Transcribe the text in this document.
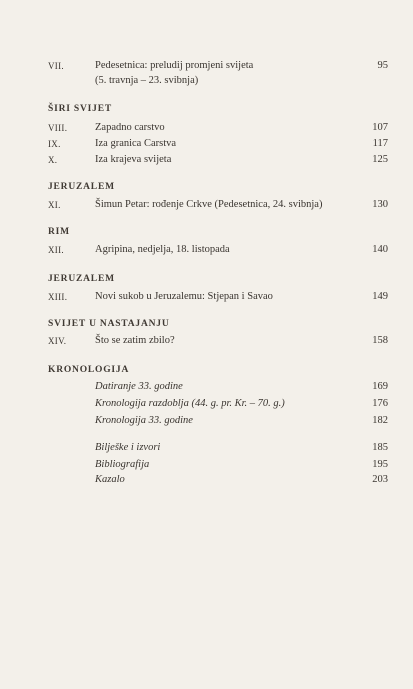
VII.	Pedesetnica: preludij promjeni svijeta	95
(5. travnja – 23. svibnja)
ŠIRI SVIJET
VIII.	Zapadno carstvo	107
IX.	Iza granica Carstva	117
X.	Iza krajeva svijeta	125
JERUZALEM
XI.	Šimun Petar: rođenje Crkve (Pedesetnica, 24. svibnja)	130
RIM
XII.	Agripina, nedjelja, 18. listopada	140
JERUZALEM
XIII.	Novi sukob u Jeruzalemu: Stjepan i Savao	149
SVIJET U NASTAJANJU
XIV.	Što se zatim zbilo?	158
KRONOLOGIJA
Datiranje 33. godine	169
Kronologija razdoblja (44. g. pr. Kr. – 70. g.)	176
Kronologija 33. godine	182
Bilješke i izvori	185
Bibliografija	195
Kazalo	203
